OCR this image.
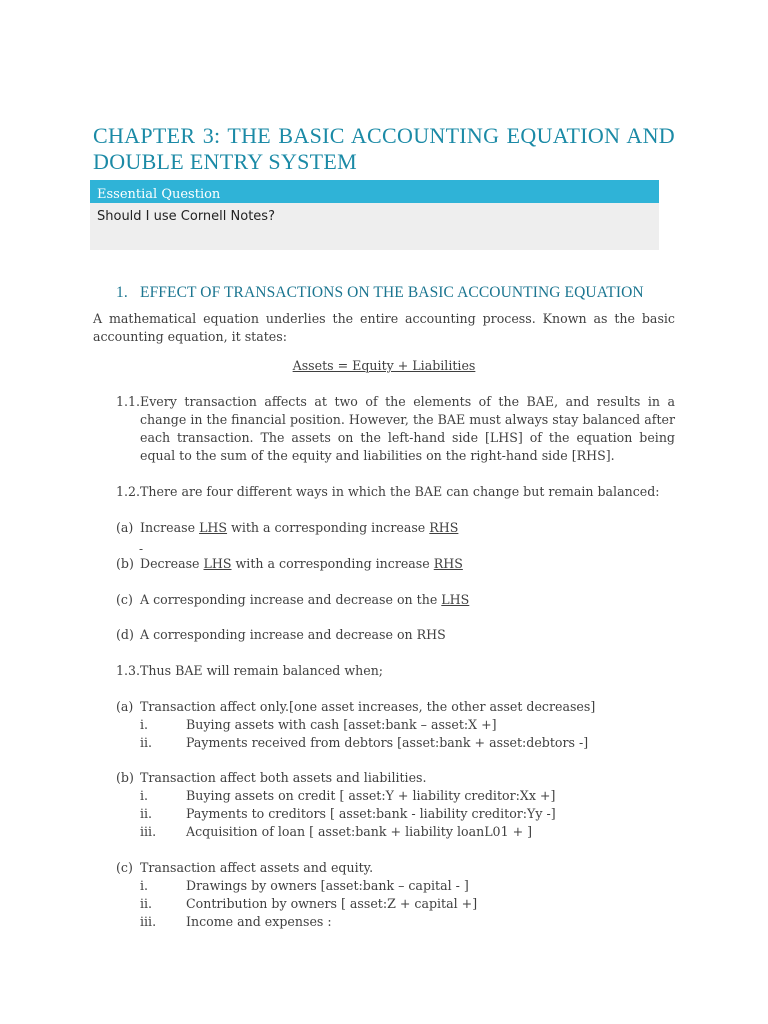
CHAPTER 3: THE BASIC ACCOUNTING EQUATION AND DOUBLE ENTRY SYSTEM
Essential Question
Should I use Cornell Notes?
1. EFFECT OF TRANSACTIONS ON THE BASIC ACCOUNTING EQUATION
A mathematical equation underlies the entire accounting process. Known as the basic accounting equation, it states:
Assets = Equity + Liabilities
1.1. Every transaction affects at two of the elements of the BAE, and results in a change in the financial position. However, the BAE must always stay balanced after each transaction. The assets on the left-hand side [LHS] of the equation being equal to the sum of the equity and liabilities on the right-hand side [RHS].
1.2.There are four different ways in which the BAE can change but remain balanced:
(a) Increase LHS with a corresponding increase RHS
-
(b) Decrease LHS with a corresponding increase RHS
(c) A corresponding increase and decrease on the LHS
(d) A corresponding increase and decrease on RHS
1.3.Thus BAE will remain balanced when;
(a) Transaction affect only.[one asset increases, the other asset decreases]
i.	Buying assets with cash [asset:bank – asset:X +]
ii.	Payments received from debtors [asset:bank + asset:debtors -]
(b) Transaction affect both assets and liabilities.
i.	Buying assets on credit [ asset:Y + liability creditor:Xx +]
ii.	Payments to creditors [ asset:bank - liability creditor:Yy -]
iii. Acquisition of loan [ asset:bank + liability loanL01 + ]
(c) Transaction affect assets and equity.
i.	Drawings by owners [asset:bank – capital - ]
ii.	Contribution by owners [ asset:Z + capital +]
iii. Income and expenses :
